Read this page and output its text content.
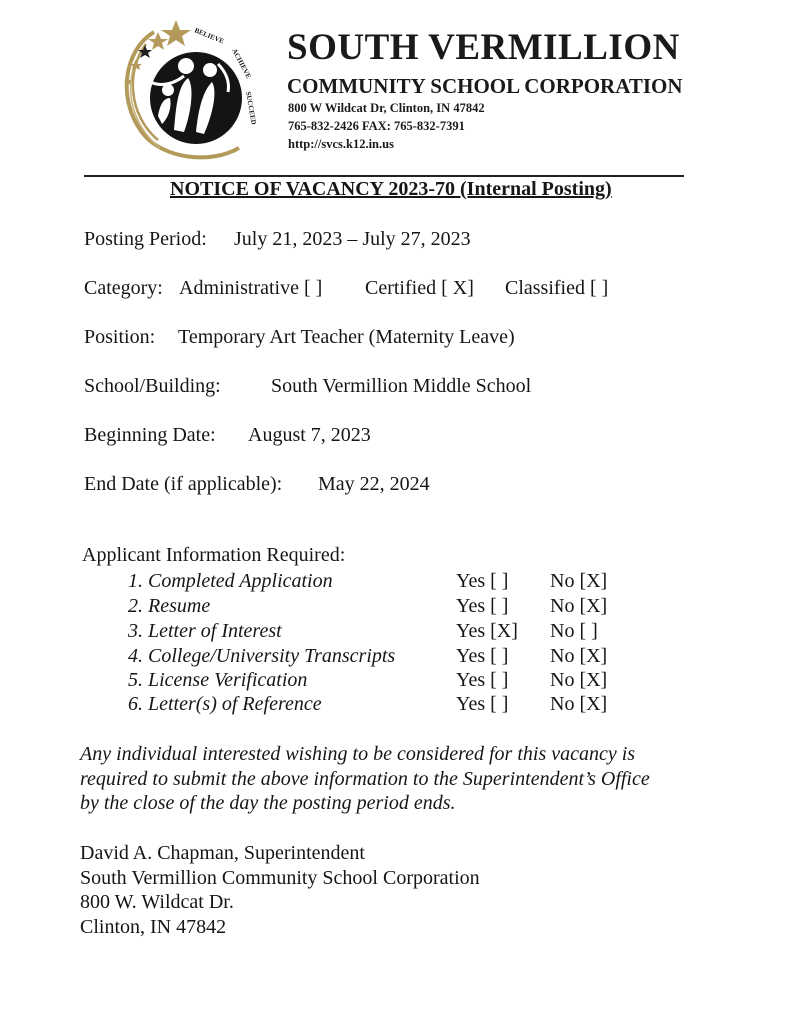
BELIEVE
ACHIEVE
SUCCEED
SOUTH VERMILLION
COMMUNITY SCHOOL CORPORATION
800 W Wildcat Dr, Clinton, IN 47842
765-832-2426 FAX: 765-832-7391
http://svcs.k12.in.us
NOTICE OF VACANCY 2023-70 (Internal Posting)
Posting Period: July 21, 2023 – July 27, 2023
Category: Administrative [ ] Certified [ X] Classified [ ]
Position: Temporary Art Teacher (Maternity Leave)
School/Building:	South Vermillion Middle School
Beginning Date: August 7, 2023
End Date (if applicable): May 22, 2024
Applicant Information Required:
1. Completed Application	Yes [ ] No [X]
2. Resume	Yes [ ] No [X]
3. Letter of Interest	Yes [X] No [ ]
4. College/University Transcripts	Yes [ ] No [X]
5. License Verification	Yes [ ] No [X]
6. Letter(s) of Reference	Yes [ ] No [X]
Any individual interested wishing to be considered for this vacancy is
required to submit the above information to the Superintendent’s Office
by the close of the day the posting period ends.
David A. Chapman, Superintendent
South Vermillion Community School Corporation
800 W. Wildcat Dr.
Clinton, IN 47842
